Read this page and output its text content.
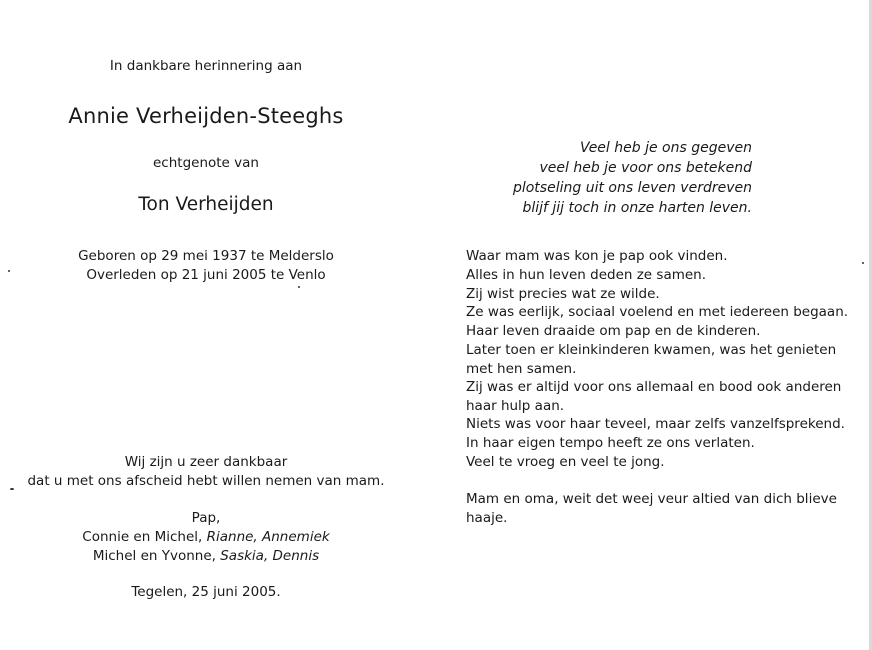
In dankbare herinnering aan
Annie Verheijden-Steeghs
echtgenote van
Ton Verheijden
Geboren op 29 mei 1937 te Melderslo
Overleden op 21 juni 2005 te Venlo
Wij zijn u zeer dankbaar
dat u met ons afscheid hebt willen nemen van mam.
Pap,
Connie en Michel, Rianne, Annemiek
Michel en Yvonne, Saskia, Dennis
Tegelen, 25 juni 2005.
Veel heb je ons gegeven
veel heb je voor ons betekend
plotseling uit ons leven verdreven
blijf jij toch in onze harten leven.
Waar mam was kon je pap ook vinden.
Alles in hun leven deden ze samen.
Zij wist precies wat ze wilde.
Ze was eerlijk, sociaal voelend en met iedereen begaan.
Haar leven draaide om pap en de kinderen.
Later toen er kleinkinderen kwamen, was het genieten
met hen samen.
Zij was er altijd voor ons allemaal en bood ook anderen
haar hulp aan.
Niets was voor haar teveel, maar zelfs vanzelfsprekend.
In haar eigen tempo heeft ze ons verlaten.
Veel te vroeg en veel te jong.
Mam en oma, weit det weej veur altied van dich blieve
haaje.
